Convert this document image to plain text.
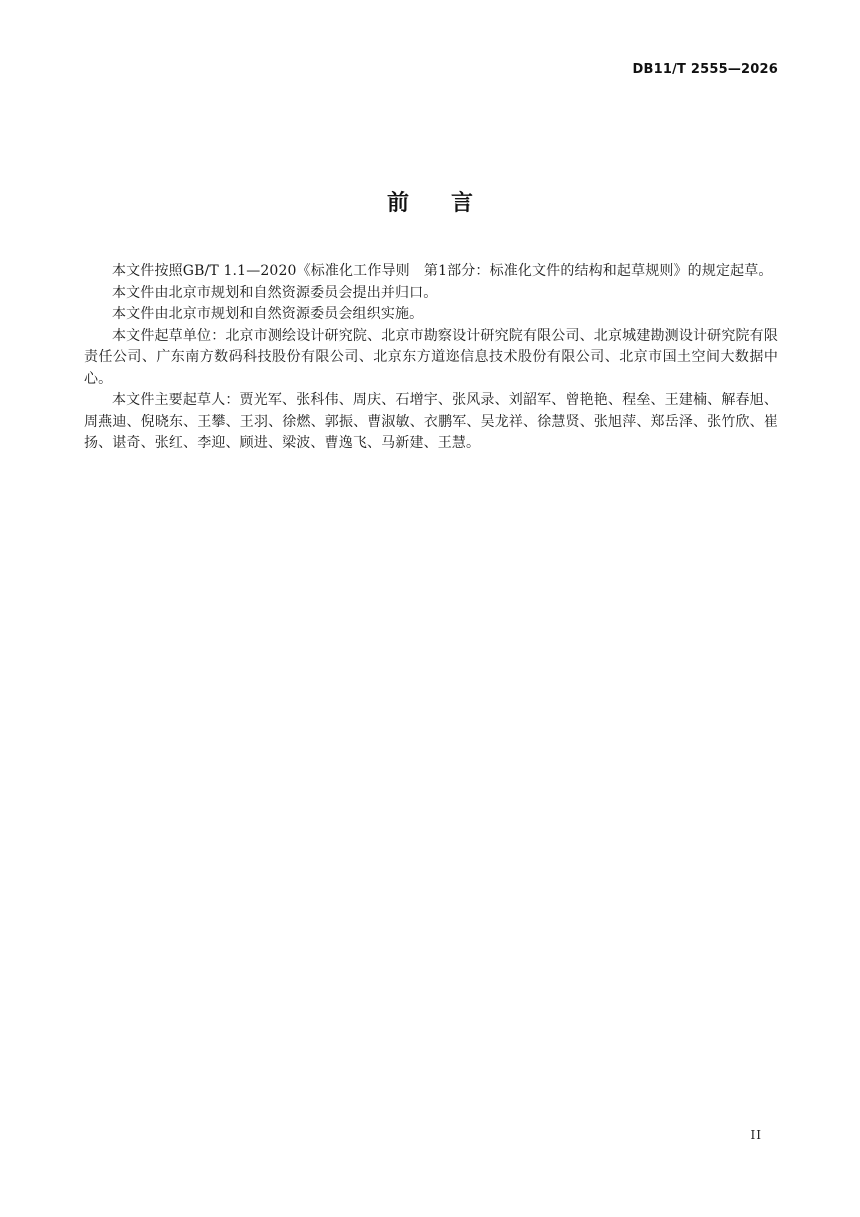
DB11/T 2555—2026
前 言

本文件按照GB/T 1.1—2020《标准化工作导则　第1部分：标准化文件的结构和起草规则》的规定起草。

本文件由北京市规划和自然资源委员会提出并归口。

本文件由北京市规划和自然资源委员会组织实施。

本文件起草单位：北京市测绘设计研究院、北京市勘察设计研究院有限公司、北京城建勘测设计研究院有限责任公司、广东南方数码科技股份有限公司、北京东方道迩信息技术股份有限公司、北京市国土空间大数据中心。

本文件主要起草人：贾光军、张科伟、周庆、石增宇、张风录、刘韶军、曾艳艳、程垒、王建楠、解春旭、周燕迪、倪晓东、王攀、王羽、徐燃、郭振、曹淑敏、衣鹏军、吴龙祥、徐慧贤、张旭萍、郑岳泽、张竹欣、崔扬、谌奇、张红、李迎、顾进、梁波、曹逸飞、马新建、王慧。

II
